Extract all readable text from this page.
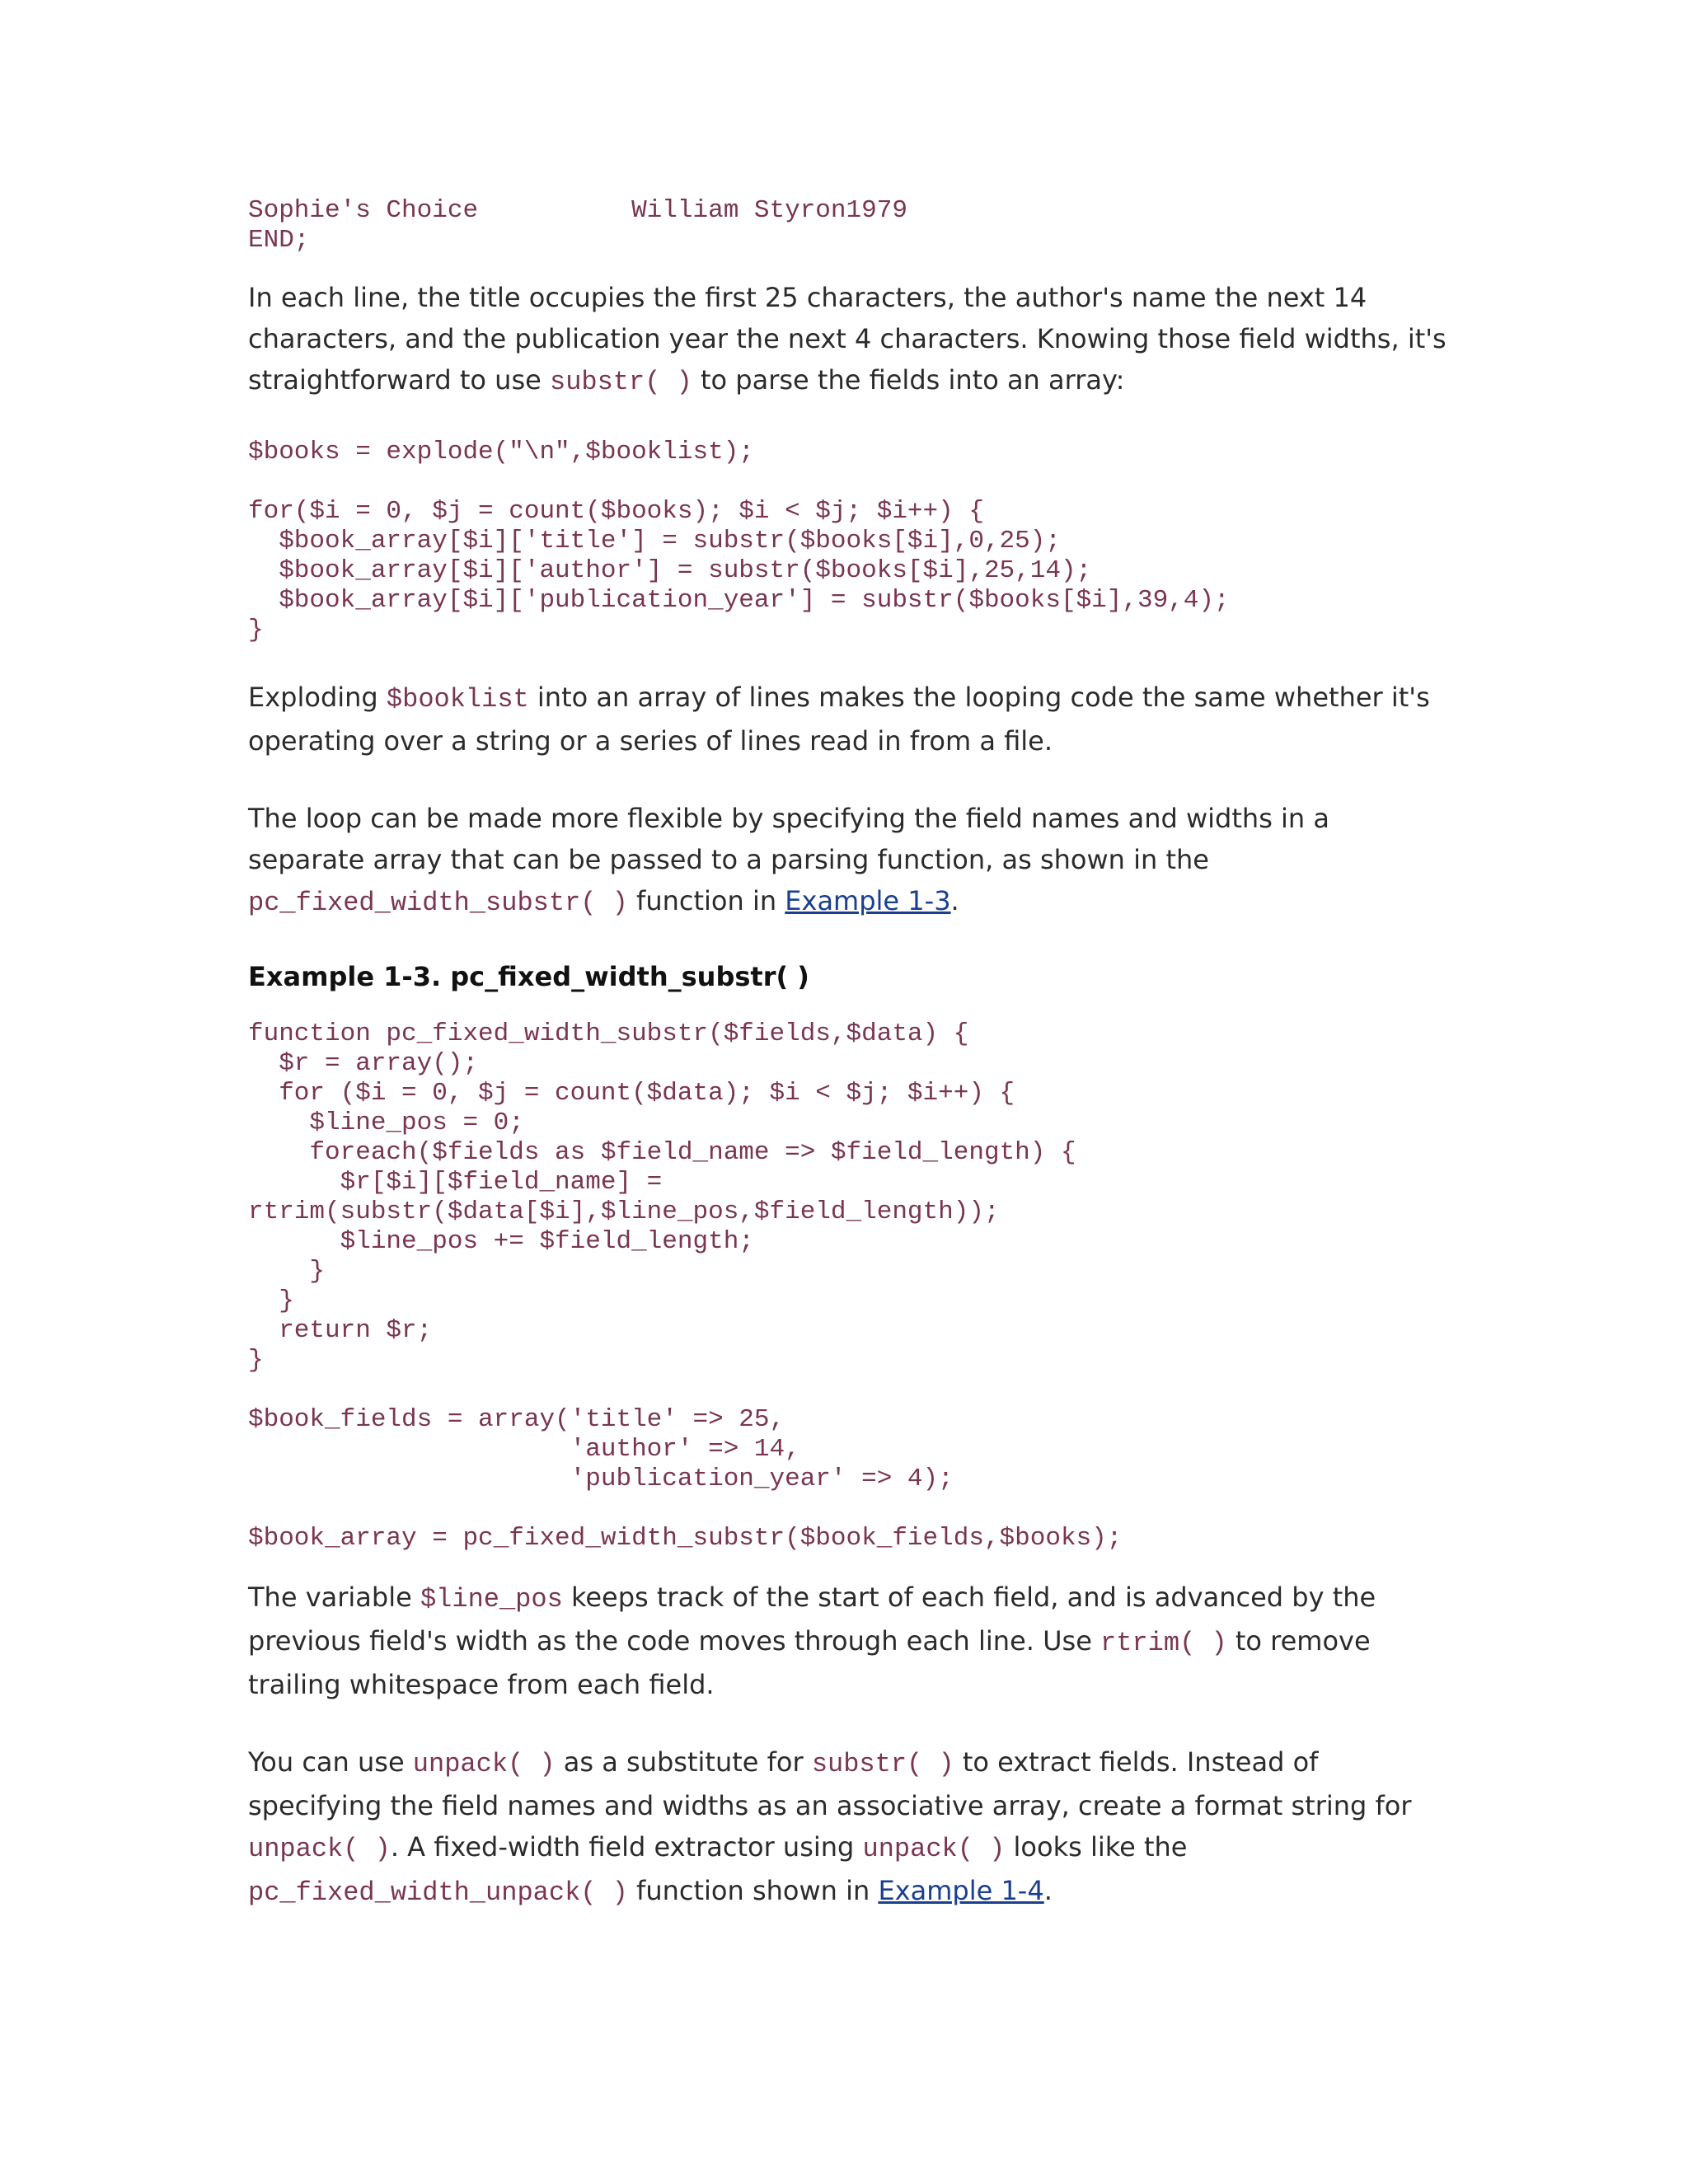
Sophie's Choice          William Styron1979
END;

In each line, the title occupies the first 25 characters, the author's name the next 14 characters, and the publication year the next 4 characters. Knowing those field widths, it's straightforward to use substr( ) to parse the fields into an array:

$books = explode("\n",$booklist);

for($i = 0, $j = count($books); $i < $j; $i++) {
$book_array[$i]['title'] = substr($books[$i],0,25);
$book_array[$i]['author'] = substr($books[$i],25,14);
$book_array[$i]['publication_year'] = substr($books[$i],39,4);
}

Exploding $booklist into an array of lines makes the looping code the same whether it's operating over a string or a series of lines read in from a file.

The loop can be made more flexible by specifying the field names and widths in a separate array that can be passed to a parsing function, as shown in the pc_fixed_width_substr( ) function in Example 1-3.

Example 1-3. pc_fixed_width_substr( )

function pc_fixed_width_substr($fields,$data) {
$r = array();
for ($i = 0, $j = count($data); $i < $j; $i++) {
$line_pos = 0;
foreach($fields as $field_name => $field_length) {
$r[$i][$field_name] =
rtrim(substr($data[$i],$line_pos,$field_length));
$line_pos += $field_length;
}
}
return $r;
}

$book_fields = array('title' => 25,
'author' => 14,
'publication_year' => 4);

$book_array = pc_fixed_width_substr($book_fields,$books);

The variable $line_pos keeps track of the start of each field, and is advanced by the previous field's width as the code moves through each line. Use rtrim( ) to remove trailing whitespace from each field.

You can use unpack( ) as a substitute for substr( ) to extract fields. Instead of specifying the field names and widths as an associative array, create a format string for unpack( ). A fixed-width field extractor using unpack( ) looks like the pc_fixed_width_unpack( ) function shown in Example 1-4.
